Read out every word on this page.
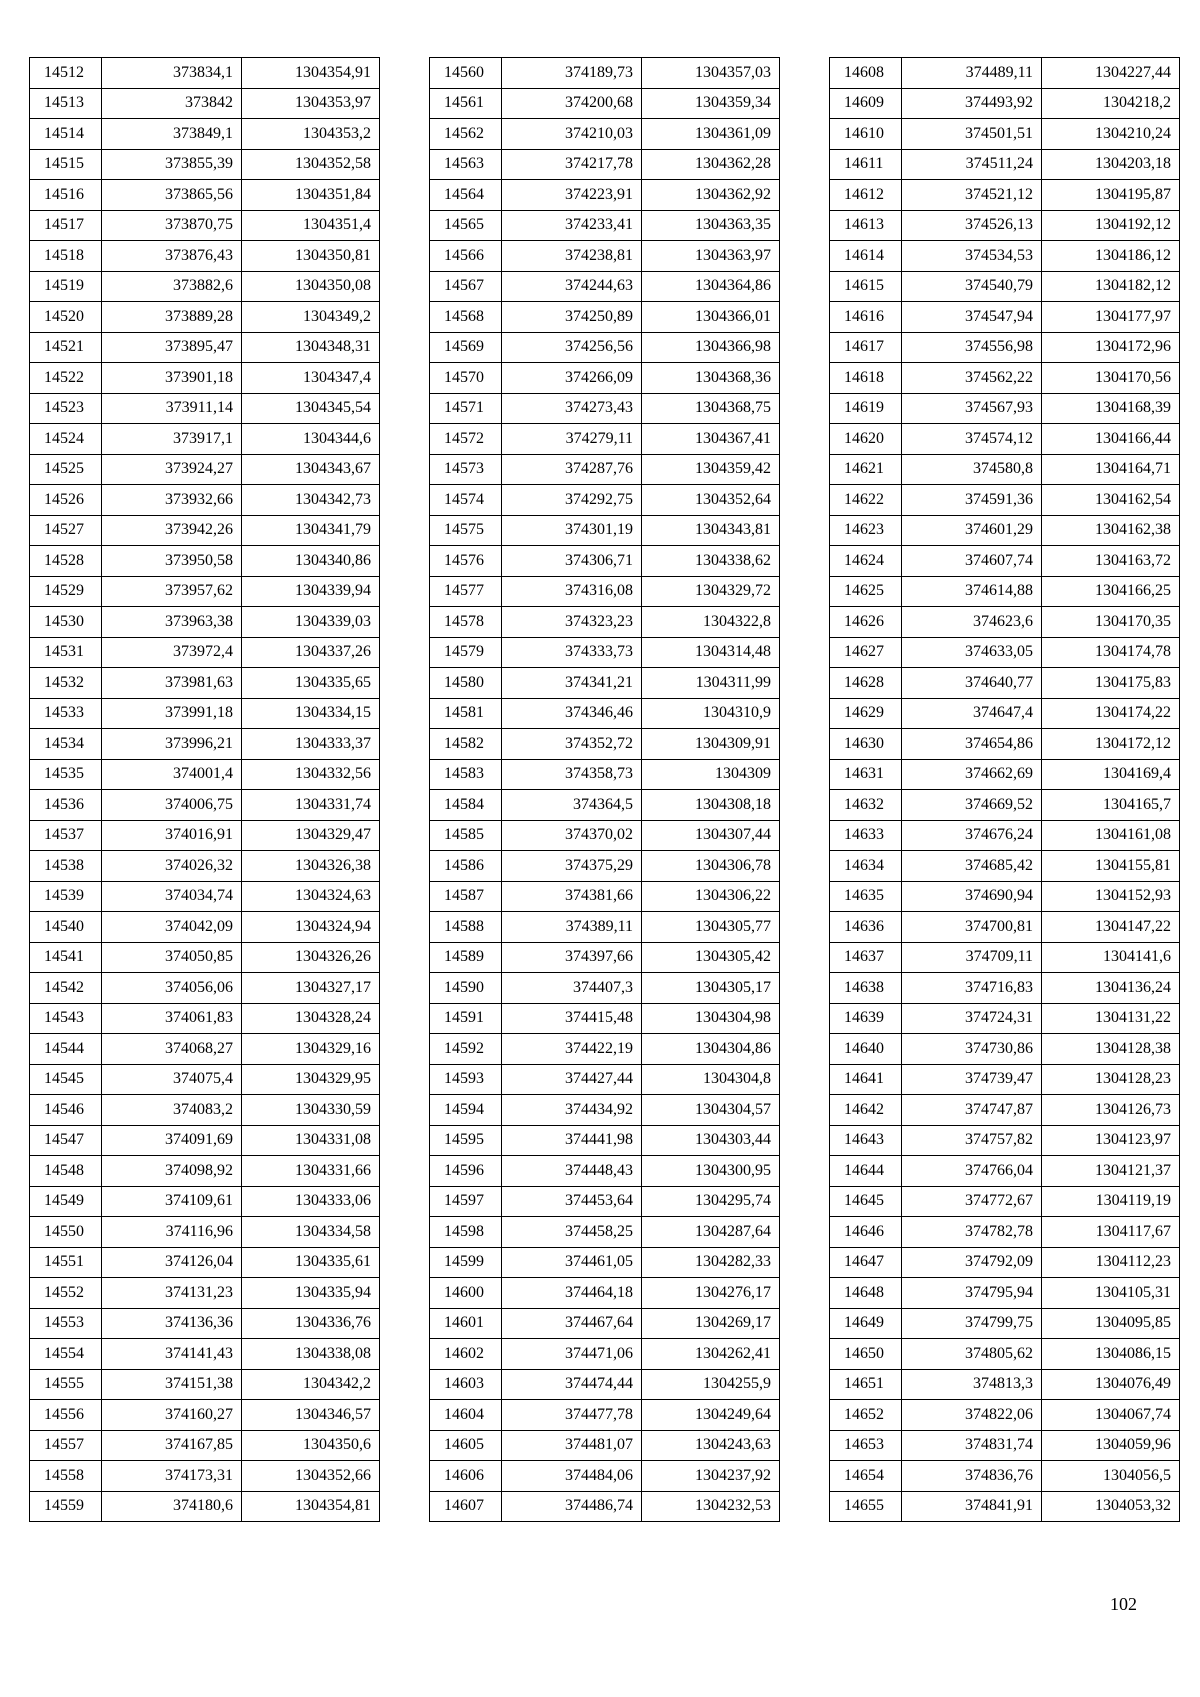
14512	373834,1	1304354,91
14513	373842	1304353,97
14514	373849,1	1304353,2
14515	373855,39	1304352,58
14516	373865,56	1304351,84
14517	373870,75	1304351,4
14518	373876,43	1304350,81
14519	373882,6	1304350,08
14520	373889,28	1304349,2
14521	373895,47	1304348,31
14522	373901,18	1304347,4
14523	373911,14	1304345,54
14524	373917,1	1304344,6
14525	373924,27	1304343,67
14526	373932,66	1304342,73
14527	373942,26	1304341,79
14528	373950,58	1304340,86
14529	373957,62	1304339,94
14530	373963,38	1304339,03
14531	373972,4	1304337,26
14532	373981,63	1304335,65
14533	373991,18	1304334,15
14534	373996,21	1304333,37
14535	374001,4	1304332,56
14536	374006,75	1304331,74
14537	374016,91	1304329,47
14538	374026,32	1304326,38
14539	374034,74	1304324,63
14540	374042,09	1304324,94
14541	374050,85	1304326,26
14542	374056,06	1304327,17
14543	374061,83	1304328,24
14544	374068,27	1304329,16
14545	374075,4	1304329,95
14546	374083,2	1304330,59
14547	374091,69	1304331,08
14548	374098,92	1304331,66
14549	374109,61	1304333,06
14550	374116,96	1304334,58
14551	374126,04	1304335,61
14552	374131,23	1304335,94
14553	374136,36	1304336,76
14554	374141,43	1304338,08
14555	374151,38	1304342,2
14556	374160,27	1304346,57
14557	374167,85	1304350,6
14558	374173,31	1304352,66
14559	374180,6	1304354,81
14560	374189,73	1304357,03
14561	374200,68	1304359,34
14562	374210,03	1304361,09
14563	374217,78	1304362,28
14564	374223,91	1304362,92
14565	374233,41	1304363,35
14566	374238,81	1304363,97
14567	374244,63	1304364,86
14568	374250,89	1304366,01
14569	374256,56	1304366,98
14570	374266,09	1304368,36
14571	374273,43	1304368,75
14572	374279,11	1304367,41
14573	374287,76	1304359,42
14574	374292,75	1304352,64
14575	374301,19	1304343,81
14576	374306,71	1304338,62
14577	374316,08	1304329,72
14578	374323,23	1304322,8
14579	374333,73	1304314,48
14580	374341,21	1304311,99
14581	374346,46	1304310,9
14582	374352,72	1304309,91
14583	374358,73	1304309
14584	374364,5	1304308,18
14585	374370,02	1304307,44
14586	374375,29	1304306,78
14587	374381,66	1304306,22
14588	374389,11	1304305,77
14589	374397,66	1304305,42
14590	374407,3	1304305,17
14591	374415,48	1304304,98
14592	374422,19	1304304,86
14593	374427,44	1304304,8
14594	374434,92	1304304,57
14595	374441,98	1304303,44
14596	374448,43	1304300,95
14597	374453,64	1304295,74
14598	374458,25	1304287,64
14599	374461,05	1304282,33
14600	374464,18	1304276,17
14601	374467,64	1304269,17
14602	374471,06	1304262,41
14603	374474,44	1304255,9
14604	374477,78	1304249,64
14605	374481,07	1304243,63
14606	374484,06	1304237,92
14607	374486,74	1304232,53
14608	374489,11	1304227,44
14609	374493,92	1304218,2
14610	374501,51	1304210,24
14611	374511,24	1304203,18
14612	374521,12	1304195,87
14613	374526,13	1304192,12
14614	374534,53	1304186,12
14615	374540,79	1304182,12
14616	374547,94	1304177,97
14617	374556,98	1304172,96
14618	374562,22	1304170,56
14619	374567,93	1304168,39
14620	374574,12	1304166,44
14621	374580,8	1304164,71
14622	374591,36	1304162,54
14623	374601,29	1304162,38
14624	374607,74	1304163,72
14625	374614,88	1304166,25
14626	374623,6	1304170,35
14627	374633,05	1304174,78
14628	374640,77	1304175,83
14629	374647,4	1304174,22
14630	374654,86	1304172,12
14631	374662,69	1304169,4
14632	374669,52	1304165,7
14633	374676,24	1304161,08
14634	374685,42	1304155,81
14635	374690,94	1304152,93
14636	374700,81	1304147,22
14637	374709,11	1304141,6
14638	374716,83	1304136,24
14639	374724,31	1304131,22
14640	374730,86	1304128,38
14641	374739,47	1304128,23
14642	374747,87	1304126,73
14643	374757,82	1304123,97
14644	374766,04	1304121,37
14645	374772,67	1304119,19
14646	374782,78	1304117,67
14647	374792,09	1304112,23
14648	374795,94	1304105,31
14649	374799,75	1304095,85
14650	374805,62	1304086,15
14651	374813,3	1304076,49
14652	374822,06	1304067,74
14653	374831,74	1304059,96
14654	374836,76	1304056,5
14655	374841,91	1304053,32
102
